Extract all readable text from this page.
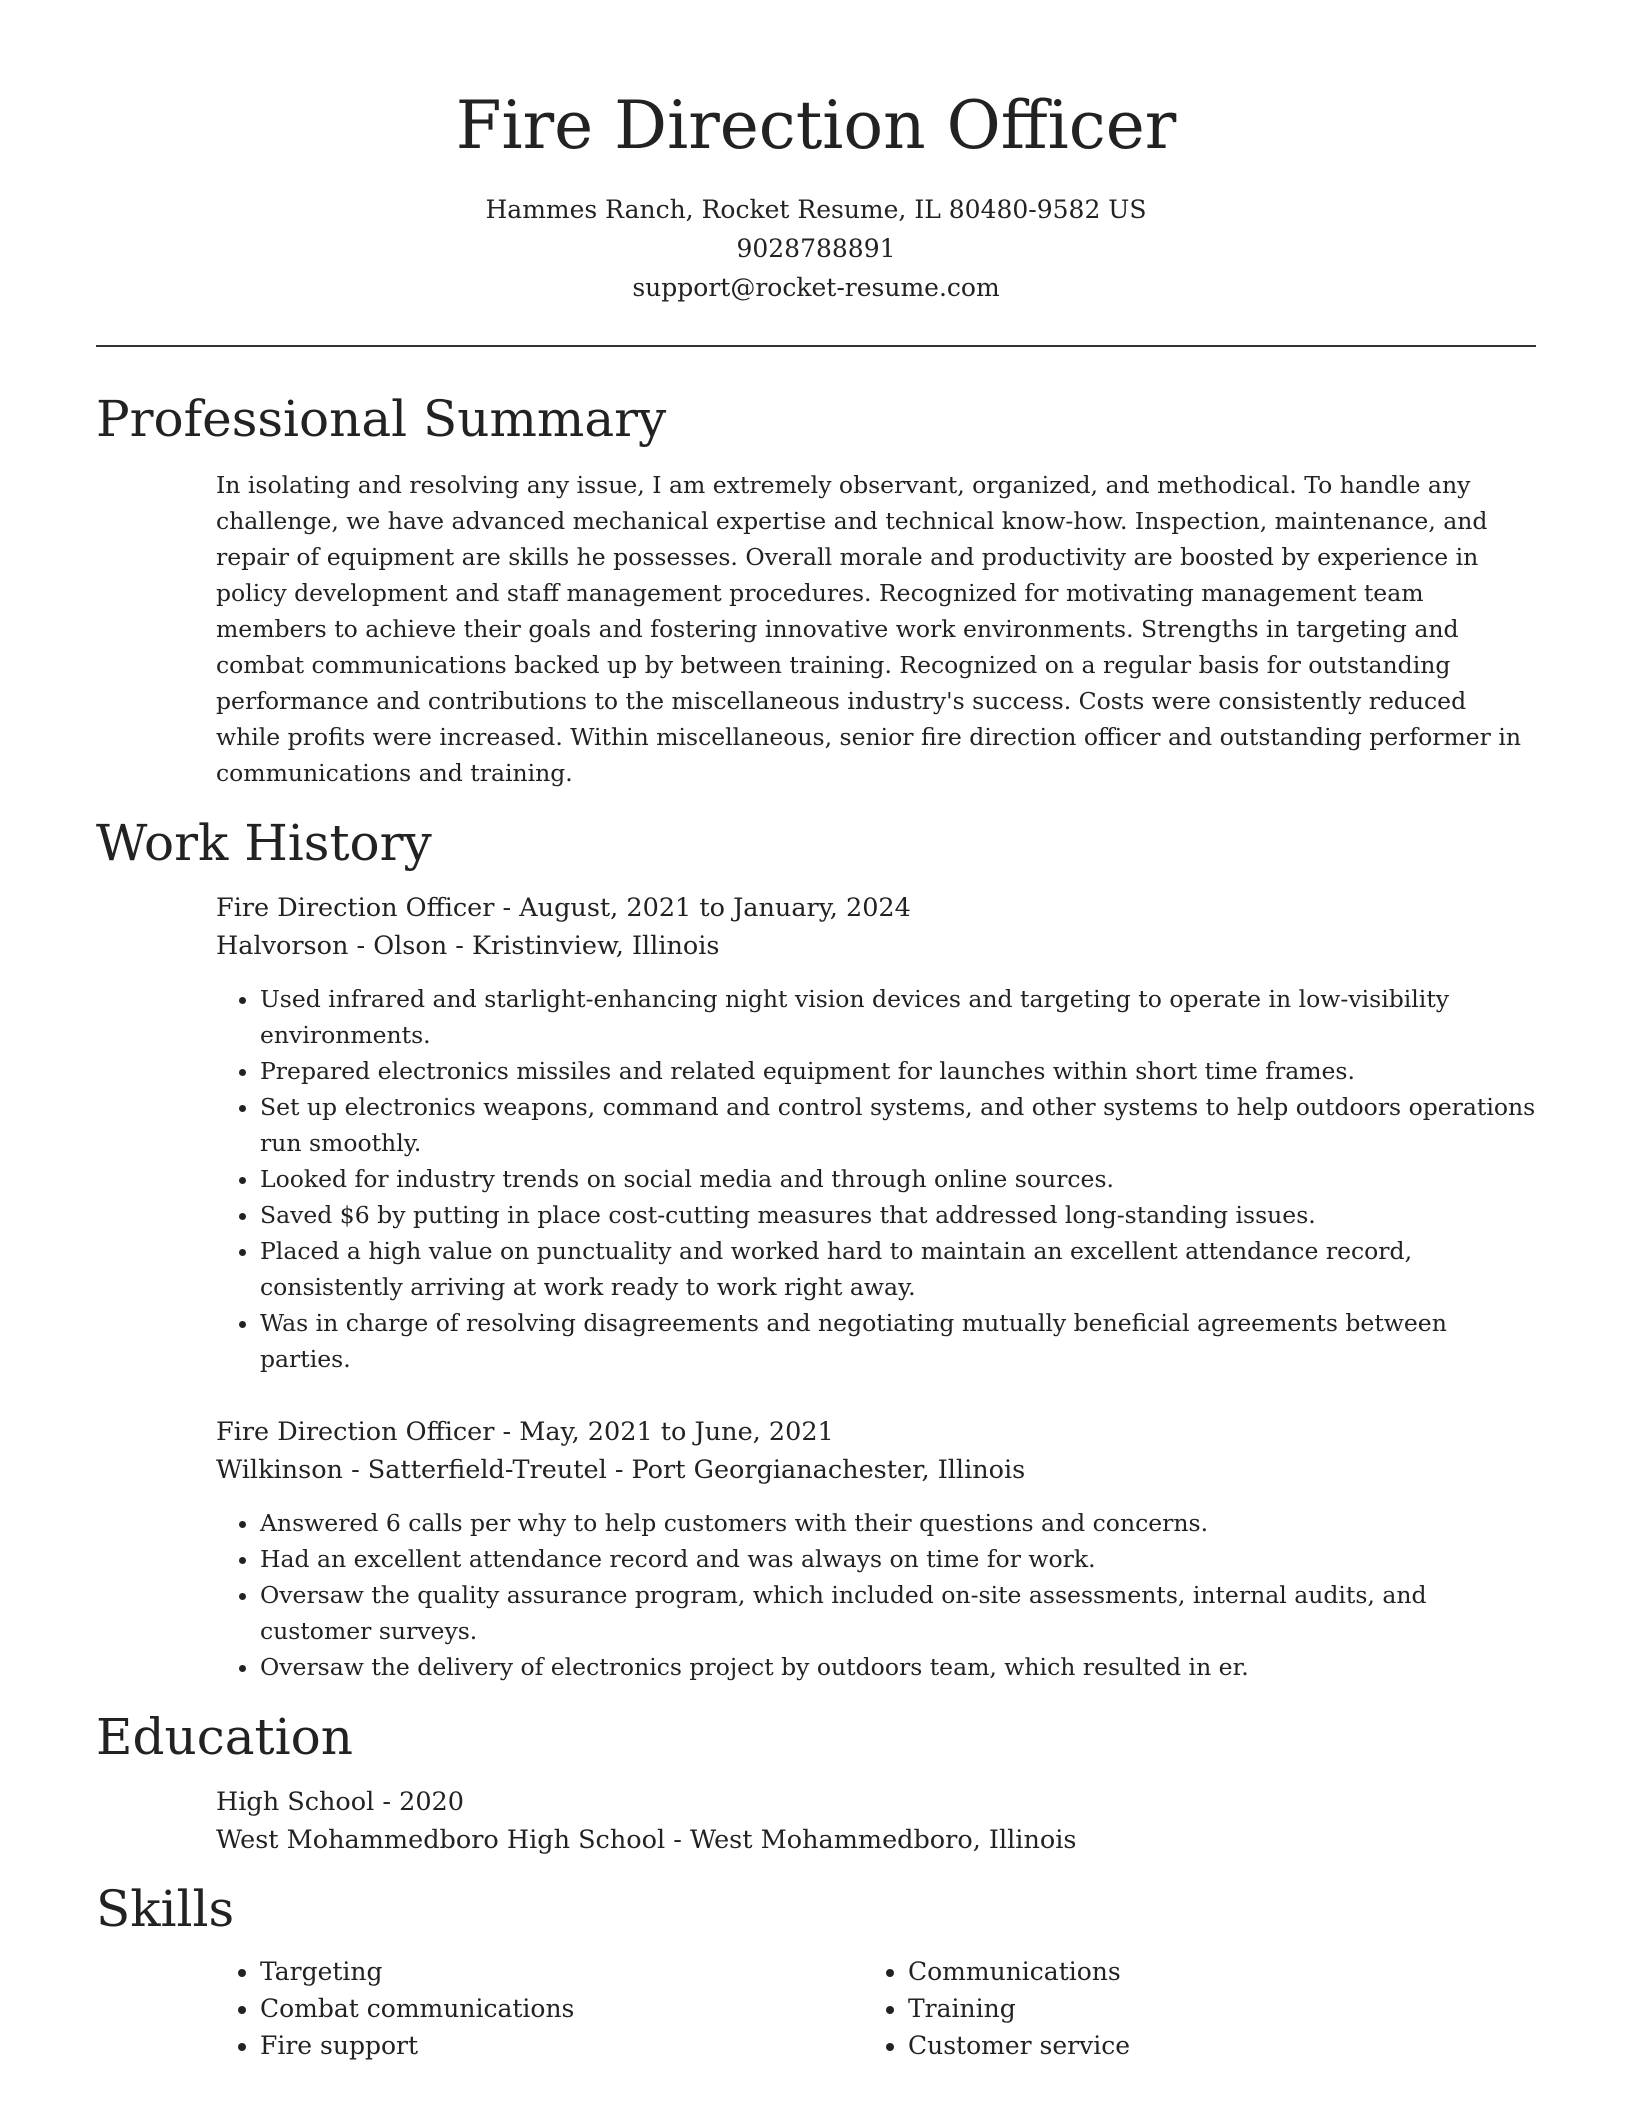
Fire Direction Officer
Hammes Ranch, Rocket Resume, IL 80480-9582 US
9028788891
support@rocket-resume.com
Professional Summary
In isolating and resolving any issue, I am extremely observant, organized, and methodical. To handle any challenge, we have advanced mechanical expertise and technical know-how. Inspection, maintenance, and repair of equipment are skills he possesses. Overall morale and productivity are boosted by experience in policy development and staff management procedures. Recognized for motivating management team members to achieve their goals and fostering innovative work environments. Strengths in targeting and combat communications backed up by between training. Recognized on a regular basis for outstanding performance and contributions to the miscellaneous industry's success. Costs were consistently reduced while profits were increased. Within miscellaneous, senior fire direction officer and outstanding performer in communications and training.
Work History
Fire Direction Officer - August, 2021 to January, 2024
Halvorson - Olson - Kristinview, Illinois
• Used infrared and starlight-enhancing night vision devices and targeting to operate in low-visibility environments.
• Prepared electronics missiles and related equipment for launches within short time frames.
• Set up electronics weapons, command and control systems, and other systems to help outdoors operations run smoothly.
• Looked for industry trends on social media and through online sources.
• Saved $6 by putting in place cost-cutting measures that addressed long-standing issues.
• Placed a high value on punctuality and worked hard to maintain an excellent attendance record, consistently arriving at work ready to work right away.
• Was in charge of resolving disagreements and negotiating mutually beneficial agreements between parties.
Fire Direction Officer - May, 2021 to June, 2021
Wilkinson - Satterfield-Treutel - Port Georgianachester, Illinois
• Answered 6 calls per why to help customers with their questions and concerns.
• Had an excellent attendance record and was always on time for work.
• Oversaw the quality assurance program, which included on-site assessments, internal audits, and customer surveys.
• Oversaw the delivery of electronics project by outdoors team, which resulted in er.
Education
High School - 2020
West Mohammedboro High School - West Mohammedboro, Illinois
Skills
• Targeting
• Combat communications
• Fire support
• Communications
• Training
• Customer service
